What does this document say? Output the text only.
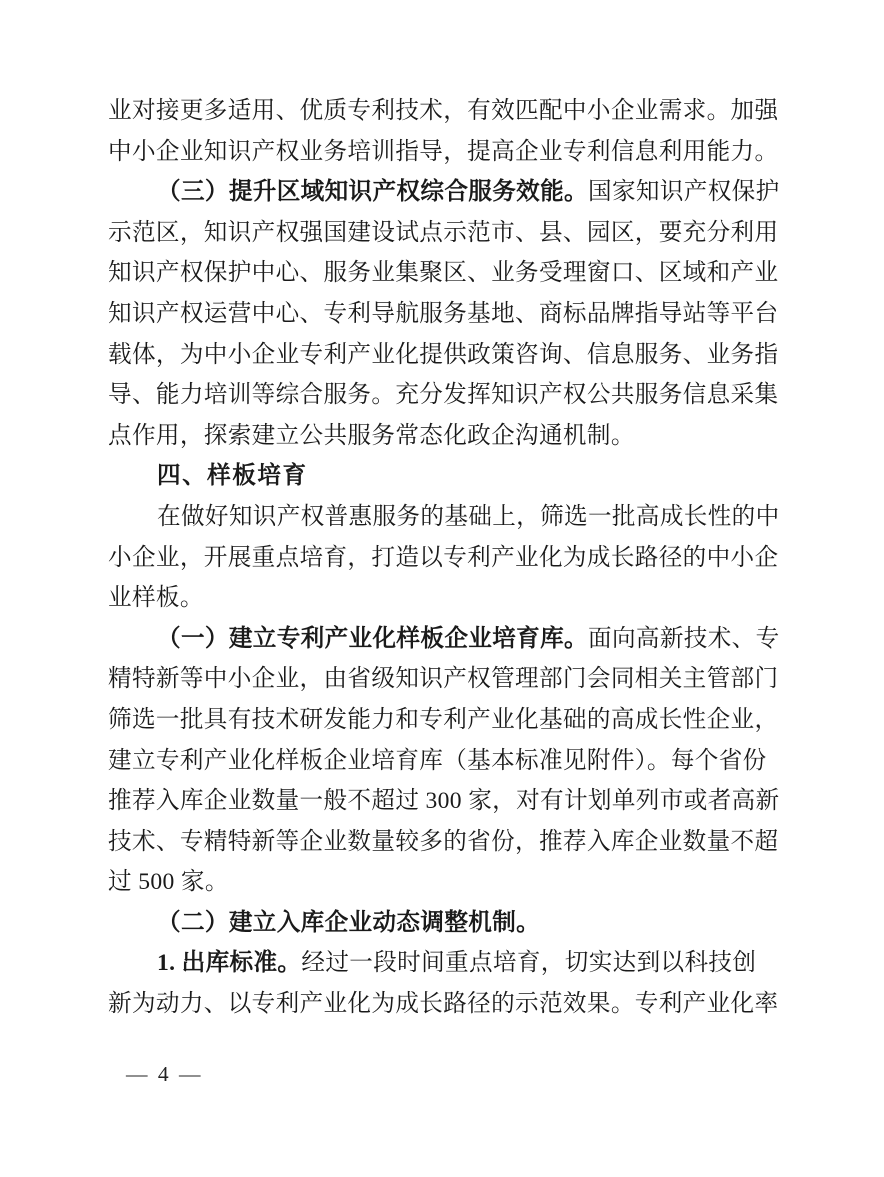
业对接更多适用、优质专利技术，有效匹配中小企业需求。加强
中小企业知识产权业务培训指导，提高企业专利信息利用能力。
（三）提升区域知识产权综合服务效能。国家知识产权保护
示范区，知识产权强国建设试点示范市、县、园区，要充分利用
知识产权保护中心、服务业集聚区、业务受理窗口、区域和产业
知识产权运营中心、专利导航服务基地、商标品牌指导站等平台
载体，为中小企业专利产业化提供政策咨询、信息服务、业务指
导、能力培训等综合服务。充分发挥知识产权公共服务信息采集
点作用，探索建立公共服务常态化政企沟通机制。
四、样板培育
在做好知识产权普惠服务的基础上，筛选一批高成长性的中
小企业，开展重点培育，打造以专利产业化为成长路径的中小企
业样板。
（一）建立专利产业化样板企业培育库。面向高新技术、专
精特新等中小企业，由省级知识产权管理部门会同相关主管部门
筛选一批具有技术研发能力和专利产业化基础的高成长性企业，
建立专利产业化样板企业培育库（基本标准见附件）。每个省份
推荐入库企业数量一般不超过 300 家，对有计划单列市或者高新
技术、专精特新等企业数量较多的省份，推荐入库企业数量不超
过 500 家。
（二）建立入库企业动态调整机制。
1. 出库标准。经过一段时间重点培育，切实达到以科技创
新为动力、以专利产业化为成长路径的示范效果。专利产业化率
— 4 —
